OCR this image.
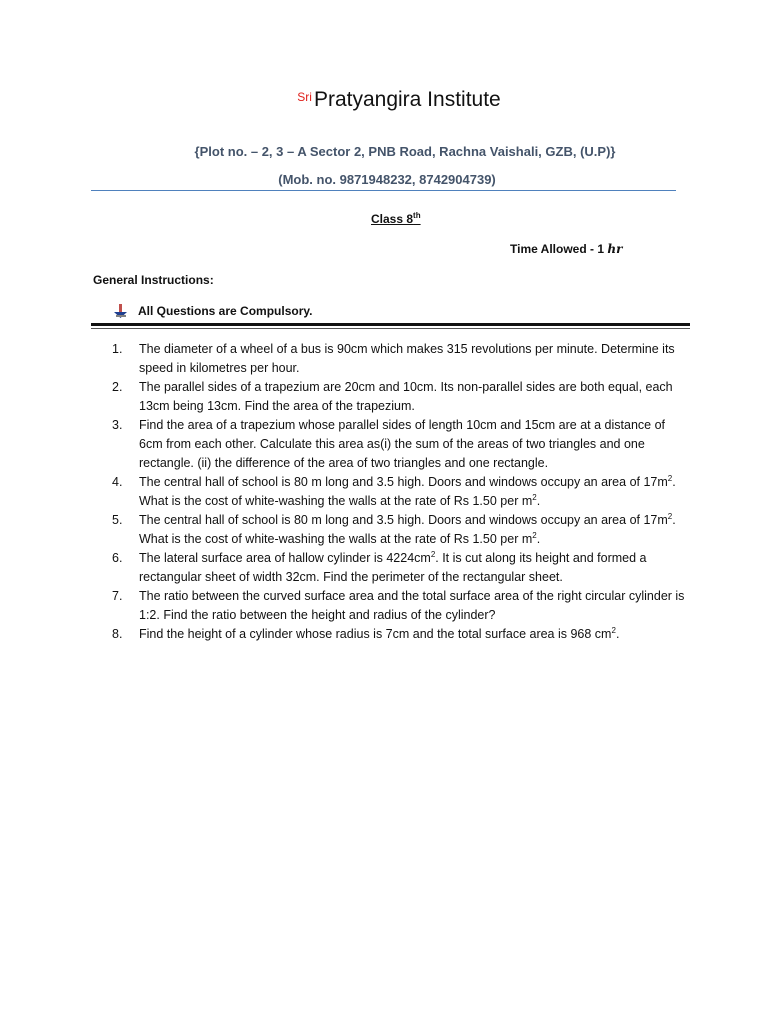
$^{Sri}$Pratyangira Institute
{Plot no. – 2, 3 – A Sector 2, PNB Road, Rachna Vaishali, GZB, (U.P)}
(Mob. no. 9871948232, 8742904739)
Class 8th
Time Allowed - 1 hr
General Instructions:
All Questions are Compulsory.
1.	The diameter of a wheel of a bus is 90cm which makes 315 revolutions per minute. Determine its speed in kilometres per hour.
2.	The parallel sides of a trapezium are 20cm and 10cm. Its non-parallel sides are both equal, each 13cm being 13cm. Find the area of the trapezium.
3.	Find the area of a trapezium whose parallel sides of length 10cm and 15cm are at a distance of 6cm from each other. Calculate this area as(i) the sum of the areas of two triangles and one rectangle. (ii) the difference of the area of two triangles and one rectangle.
4.	The central hall of school is 80 m long and 3.5 high. Doors and windows occupy an area of $17m^2$. What is the cost of white-washing the walls at the rate of Rs 1.50 per $m^2$.
5.	The central hall of school is 80 m long and 3.5 high. Doors and windows occupy an area of $17m^2$. What is the cost of white-washing the walls at the rate of Rs 1.50 per $m^2$.
6.	The lateral surface area of hallow cylinder is $4224cm^2$. It is cut along its height and formed a rectangular sheet of width 32cm. Find the perimeter of the rectangular sheet.
7.	The ratio between the curved surface area and the total surface area of the right circular cylinder is 1:2. Find the ratio between the height and radius of the cylinder?
8.	Find the height of a cylinder whose radius is 7cm and the total surface area is 968 $cm^2$.
